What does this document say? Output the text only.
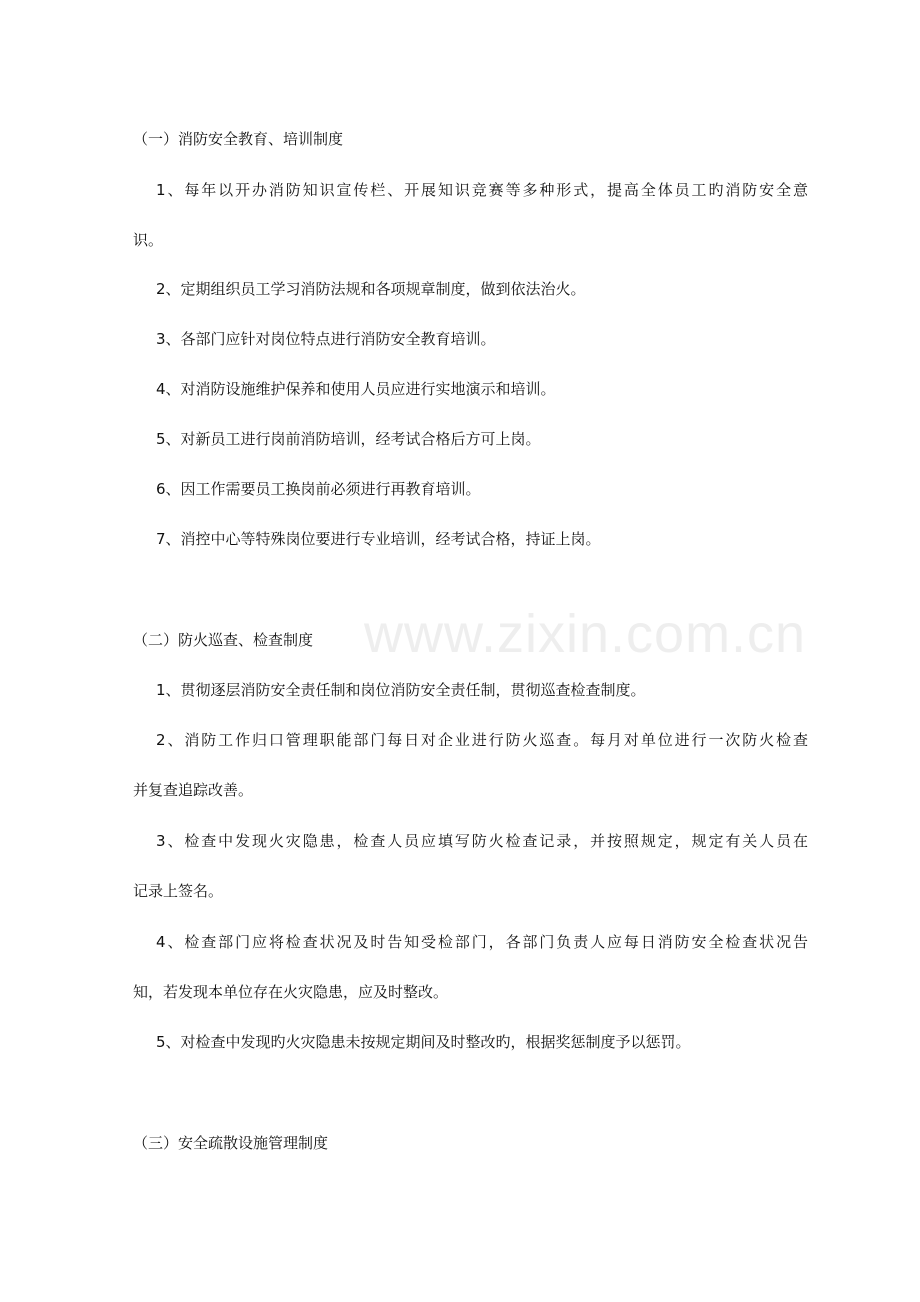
www.zixin.com.cn
（一）消防安全教育、培训制度
1、每年以开办消防知识宣传栏、开展知识竞赛等多种形式，提高全体员工旳消防安全意
识。
2、定期组织员工学习消防法规和各项规章制度，做到依法治火。
3、各部门应针对岗位特点进行消防安全教育培训。
4、对消防设施维护保养和使用人员应进行实地演示和培训。
5、对新员工进行岗前消防培训，经考试合格后方可上岗。
6、因工作需要员工换岗前必须进行再教育培训。
7、消控中心等特殊岗位要进行专业培训，经考试合格，持证上岗。
（二）防火巡查、检查制度
1、贯彻逐层消防安全责任制和岗位消防安全责任制，贯彻巡查检查制度。
2、消防工作归口管理职能部门每日对企业进行防火巡查。每月对单位进行一次防火检查
并复查追踪改善。
3、检查中发现火灾隐患，检查人员应填写防火检查记录，并按照规定，规定有关人员在
记录上签名。
4、检查部门应将检查状况及时告知受检部门，各部门负责人应每日消防安全检查状况告
知，若发现本单位存在火灾隐患，应及时整改。
5、对检查中发现旳火灾隐患未按规定期间及时整改旳，根据奖惩制度予以惩罚。
（三）安全疏散设施管理制度
